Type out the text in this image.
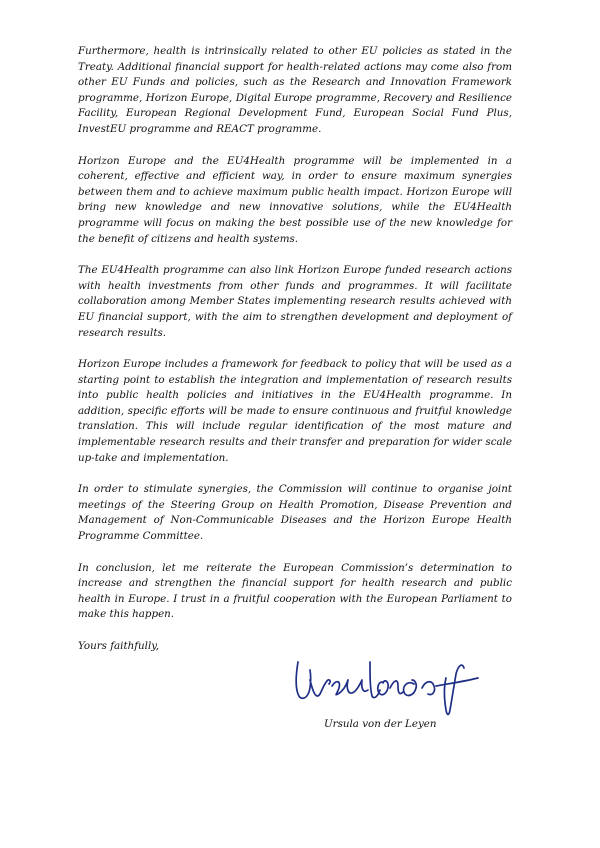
Furthermore, health is intrinsically related to other EU policies as stated in the Treaty. Additional financial support for health-related actions may come also from other EU Funds and policies, such as the Research and Innovation Framework programme, Horizon Europe, Digital Europe programme, Recovery and Resilience Facility, European Regional Development Fund, European Social Fund Plus, InvestEU programme and REACT programme.

Horizon Europe and the EU4Health programme will be implemented in a coherent, effective and efficient way, in order to ensure maximum synergies between them and to achieve maximum public health impact. Horizon Europe will bring new knowledge and new innovative solutions, while the EU4Health programme will focus on making the best possible use of the new knowledge for the benefit of citizens and health systems.

The EU4Health programme can also link Horizon Europe funded research actions with health investments from other funds and programmes. It will facilitate collaboration among Member States implementing research results achieved with EU financial support, with the aim to strengthen development and deployment of research results.

Horizon Europe includes a framework for feedback to policy that will be used as a starting point to establish the integration and implementation of research results into public health policies and initiatives in the EU4Health programme. In addition, specific efforts will be made to ensure continuous and fruitful knowledge translation. This will include regular identification of the most mature and implementable research results and their transfer and preparation for wider scale up-take and implementation.

In order to stimulate synergies, the Commission will continue to organise joint meetings of the Steering Group on Health Promotion, Disease Prevention and Management of Non-Communicable Diseases and the Horizon Europe Health Programme Committee.

In conclusion, let me reiterate the European Commission’s determination to increase and strengthen the financial support for health research and public health in Europe. I trust in a fruitful cooperation with the European Parliament to make this happen.

Yours faithfully,

Ursula von der Leyen
